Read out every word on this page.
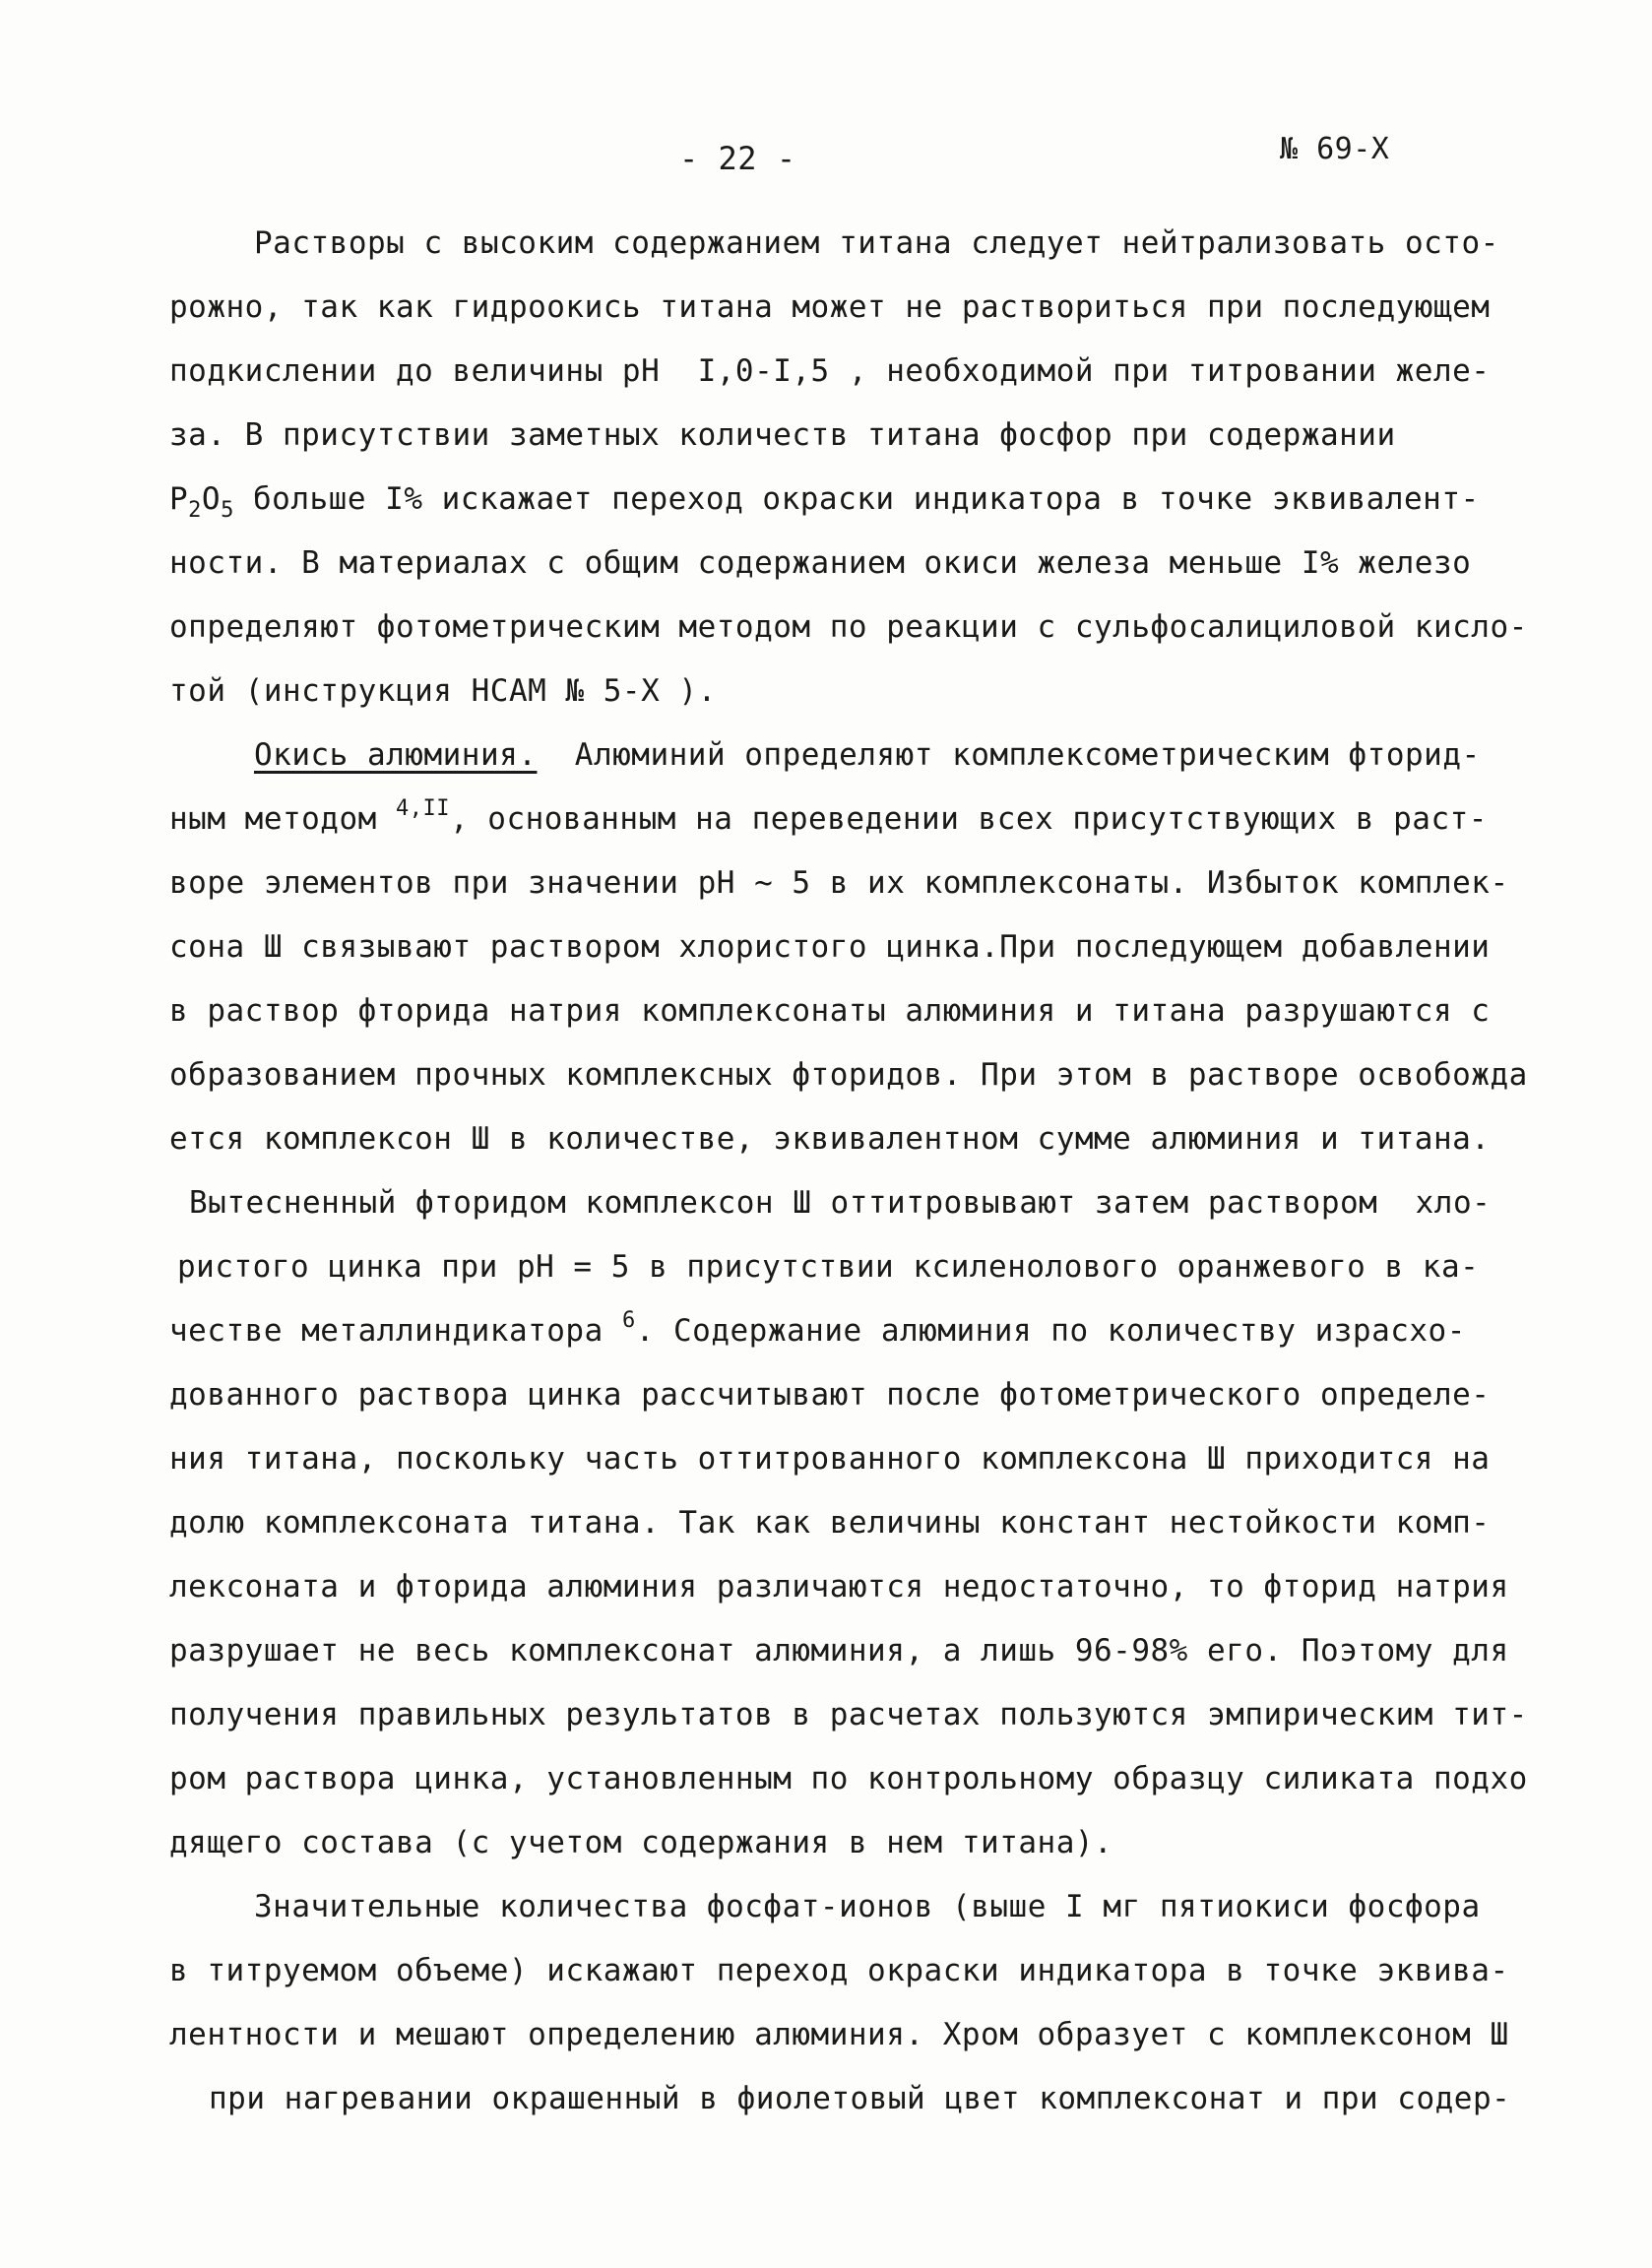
- 22 -	№ 69-Х
Растворы с высоким содержанием титана следует нейтрализовать осто-
рожно, так как гидроокись титана может не раствориться при последующем
подкислении до величины рН  I,0-I,5 , необходимой при титровании желе-
за. В присутствии заметных количеств титана фосфор при содержании
$Р_2О_5$ больше I% искажает переход окраски индикатора в точке эквивалент-
ности. В материалах с общим содержанием окиси железа меньше I% железо
определяют фотометрическим методом по реакции с сульфосалициловой кисло-
той (инструкция НСАМ № 5-Х ).
Окись алюминия.  Алюминий определяют комплексометрическим фторид-
ным методом $^{4,II}$, основанным на переведении всех присутствующих в раст-
воре элементов при значении рН ~ 5 в их комплексонаты. Избыток комплек-
сона Ш связывают раствором хлористого цинка.При последующем добавлении
в раствор фторида натрия комплексонаты алюминия и титана разрушаются с
образованием прочных комплексных фторидов. При этом в растворе освобожда
ется комплексон Ш в количестве, эквивалентном сумме алюминия и титана.
Вытесненный фторидом комплексон Ш оттитровывают затем раствором  хло-
ристого цинка при рН = 5 в присутствии ксиленолового оранжевого в ка-
честве металлиндикатора $^6$. Содержание алюминия по количеству израсхо-
дованного раствора цинка рассчитывают после фотометрического определе-
ния титана, поскольку часть оттитрованного комплексона Ш приходится на
долю комплексоната титана. Так как величины констант нестойкости комп-
лексоната и фторида алюминия различаются недостаточно, то фторид натрия
разрушает не весь комплексонат алюминия, а лишь 96-98% его. Поэтому для
получения правильных результатов в расчетах пользуются эмпирическим тит-
ром раствора цинка, установленным по контрольному образцу силиката подхо
дящего состава (с учетом содержания в нем титана).
Значительные количества фосфат-ионов (выше I мг пятиокиси фосфора
в титруемом объеме) искажают переход окраски индикатора в точке эквива-
лентности и мешают определению алюминия. Хром образует с комплексоном Ш
при нагревании окрашенный в фиолетовый цвет комплексонат и при содер-
